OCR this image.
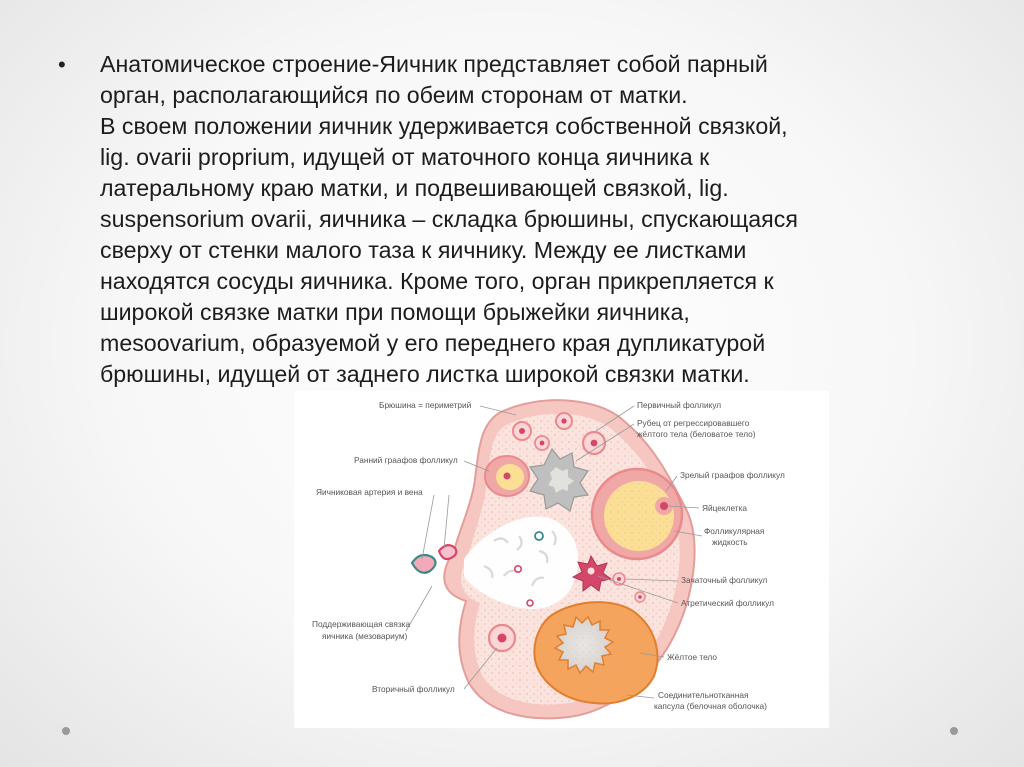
• Анатомическое строение-Яичник представляет собой парный
орган, располагающийся по обеим сторонам от матки.
В своем положении яичник удерживается собственной связкой,
lig. ovarii proprium, идущей от маточного конца яичника к
латеральному краю матки, и подвешивающей связкой, lig.
suspensorium ovarii, яичника – складка брюшины, спускающаяся
сверху от стенки малого таза к яичнику. Между ее листками
находятся сосуды яичника. Кроме того, орган прикрепляется к
широкой связке матки при помощи брыжейки яичника,
mesoovarium, образуемой у его переднего края дупликатурой
брюшины, идущей от заднего листка широкой связки матки.

Брюшина = периметрий
Ранний граафов фолликул
Яичниковая артерия и вена
Поддерживающая связка
яичника (мезовариум)
Вторичный фолликул
Первичный фолликул
Рубец от регрессировавшего
жёлтого тела (беловатое тело)
Зрелый граафов фолликул
Яйцеклетка
Фолликулярная
жидкость
Зачаточный фолликул
Атретический фолликул
Жёлтое тело
Соединительнотканная
капсула (белочная оболочка)
